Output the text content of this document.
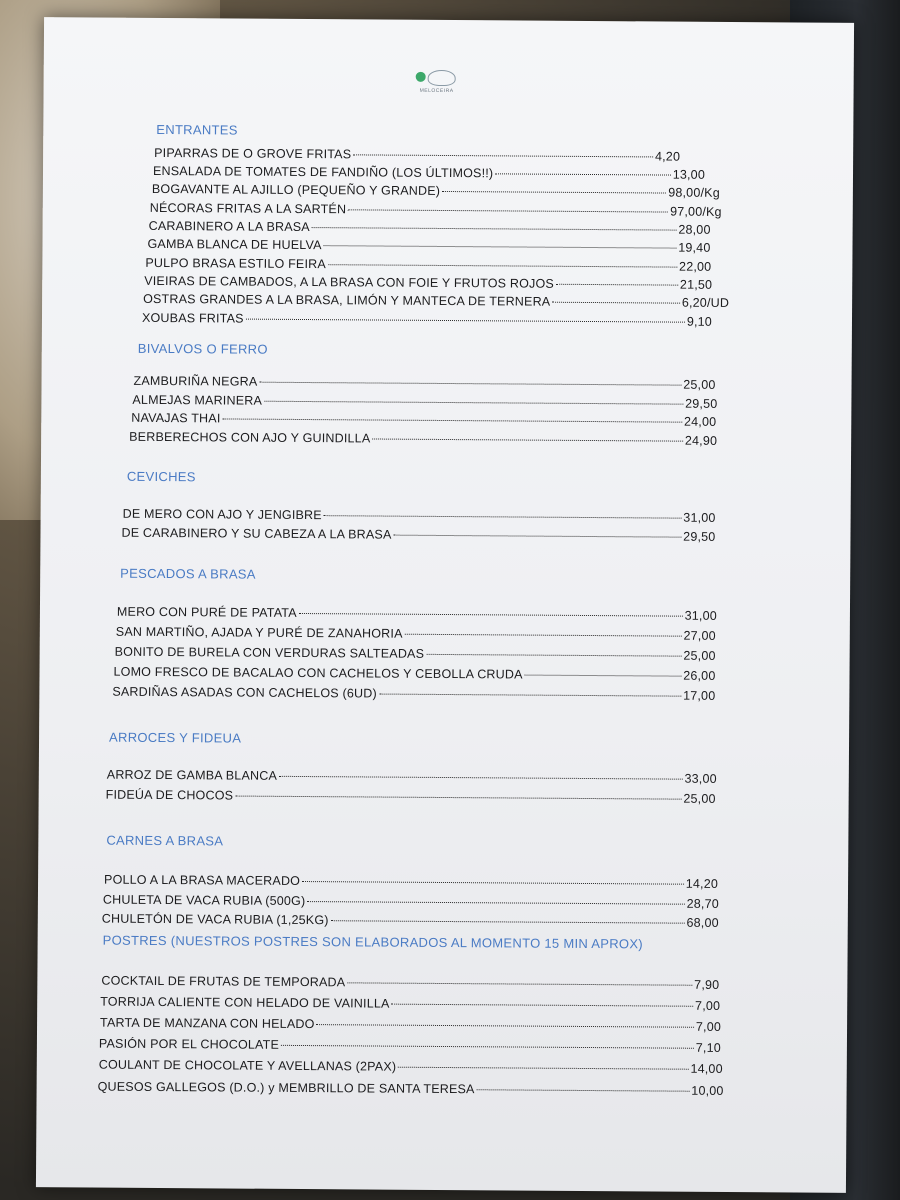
MELOCEIRA
ENTRANTES
PIPARRAS DE O GROVE FRITAS	4,20
ENSALADA DE TOMATES DE FANDIÑO (LOS ÚLTIMOS!!)	13,00
BOGAVANTE AL AJILLO (PEQUEÑO Y GRANDE)	98,00/Kg
NÉCORAS FRITAS A LA SARTÉN	97,00/Kg
CARABINERO A LA BRASA	28,00
GAMBA BLANCA DE HUELVA	19,40
PULPO BRASA ESTILO FEIRA	22,00
VIEIRAS DE CAMBADOS, A LA BRASA CON FOIE Y FRUTOS ROJOS	21,50
OSTRAS GRANDES A LA BRASA, LIMÓN Y MANTECA DE TERNERA	6,20/UD
XOUBAS FRITAS	9,10
BIVALVOS O FERRO
ZAMBURIÑA NEGRA	25,00
ALMEJAS MARINERA	29,50
NAVAJAS THAI	24,00
BERBERECHOS CON AJO Y GUINDILLA	24,90
CEVICHES
DE MERO CON AJO Y JENGIBRE	31,00
DE CARABINERO Y SU CABEZA A LA BRASA	29,50
PESCADOS A BRASA
MERO CON PURÉ DE PATATA	31,00
SAN MARTIÑO, AJADA Y PURÉ DE ZANAHORIA	27,00
BONITO DE BURELA CON VERDURAS SALTEADAS	25,00
LOMO FRESCO DE BACALAO CON CACHELOS Y CEBOLLA CRUDA	26,00
SARDIÑAS ASADAS CON CACHELOS (6UD)	17,00
ARROCES Y FIDEUA
ARROZ DE GAMBA BLANCA	33,00
FIDEÚA DE CHOCOS	25,00
CARNES A BRASA
POLLO A LA BRASA MACERADO	14,20
CHULETA DE VACA RUBIA (500G)	28,70
CHULETÓN DE VACA RUBIA (1,25KG)	68,00
POSTRES (NUESTROS POSTRES SON ELABORADOS AL MOMENTO 15 MIN APROX)
COCKTAIL DE FRUTAS DE TEMPORADA	7,90
TORRIJA CALIENTE CON HELADO DE VAINILLA	7,00
TARTA DE MANZANA CON HELADO	7,00
PASIÓN POR EL CHOCOLATE	7,10
COULANT DE CHOCOLATE Y AVELLANAS (2PAX)	14,00
QUESOS GALLEGOS (D.O.) y MEMBRILLO DE SANTA TERESA	10,00
